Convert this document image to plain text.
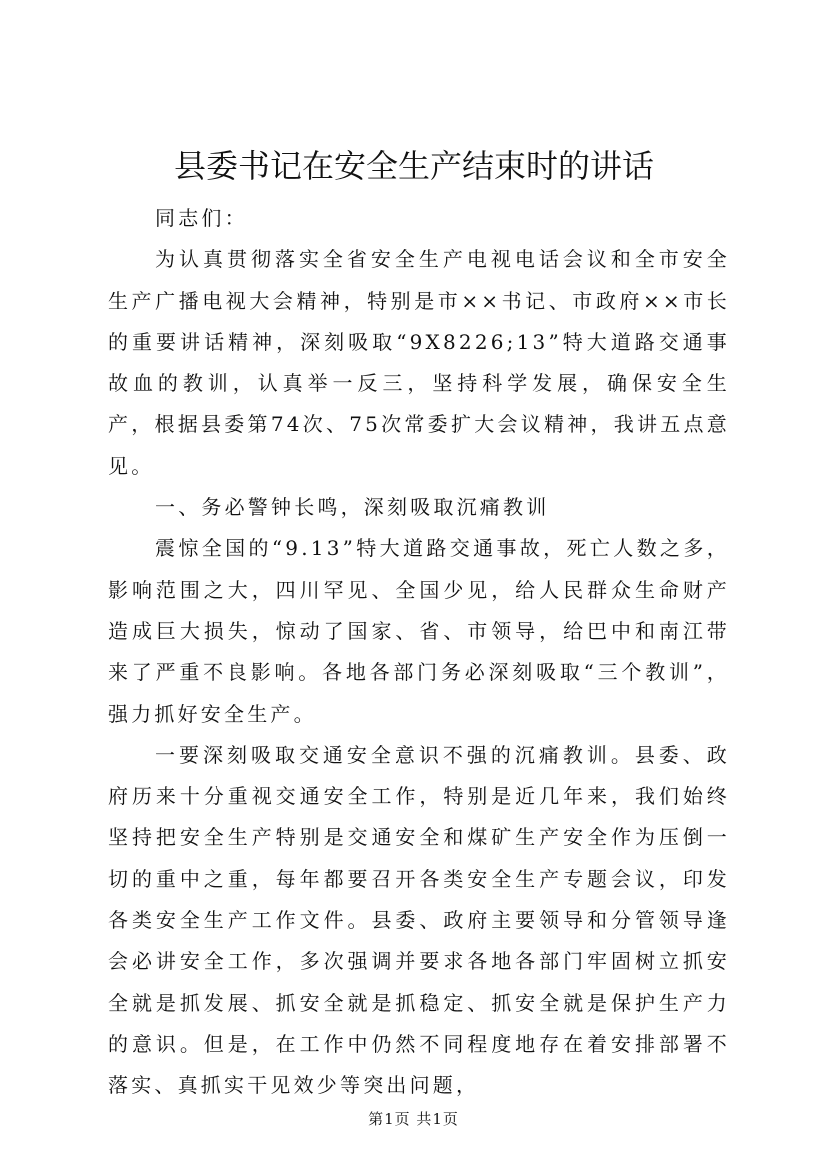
县委书记在安全生产结束时的讲话

同志们：

为认真贯彻落实全省安全生产电视电话会议和全市安全生产广播电视大会精神，特别是市××书记、市政府××市长的重要讲话精神，深刻吸取“9X8226;13”特大道路交通事故血的教训，认真举一反三，坚持科学发展，确保安全生产，根据县委第74次、75次常委扩大会议精神，我讲五点意见。

一、务必警钟长鸣，深刻吸取沉痛教训

震惊全国的“9.13”特大道路交通事故，死亡人数之多，影响范围之大，四川罕见、全国少见，给人民群众生命财产造成巨大损失，惊动了国家、省、市领导，给巴中和南江带来了严重不良影响。各地各部门务必深刻吸取“三个教训”，强力抓好安全生产。

一要深刻吸取交通安全意识不强的沉痛教训。县委、政府历来十分重视交通安全工作，特别是近几年来，我们始终坚持把安全生产特别是交通安全和煤矿生产安全作为压倒一切的重中之重，每年都要召开各类安全生产专题会议，印发各类安全生产工作文件。县委、政府主要领导和分管领导逢会必讲安全工作，多次强调并要求各地各部门牢固树立抓安全就是抓发展、抓安全就是抓稳定、抓安全就是保护生产力的意识。但是，在工作中仍然不同程度地存在着安排部署不落实、真抓实干见效少等突出问题，

第1页 共1页
